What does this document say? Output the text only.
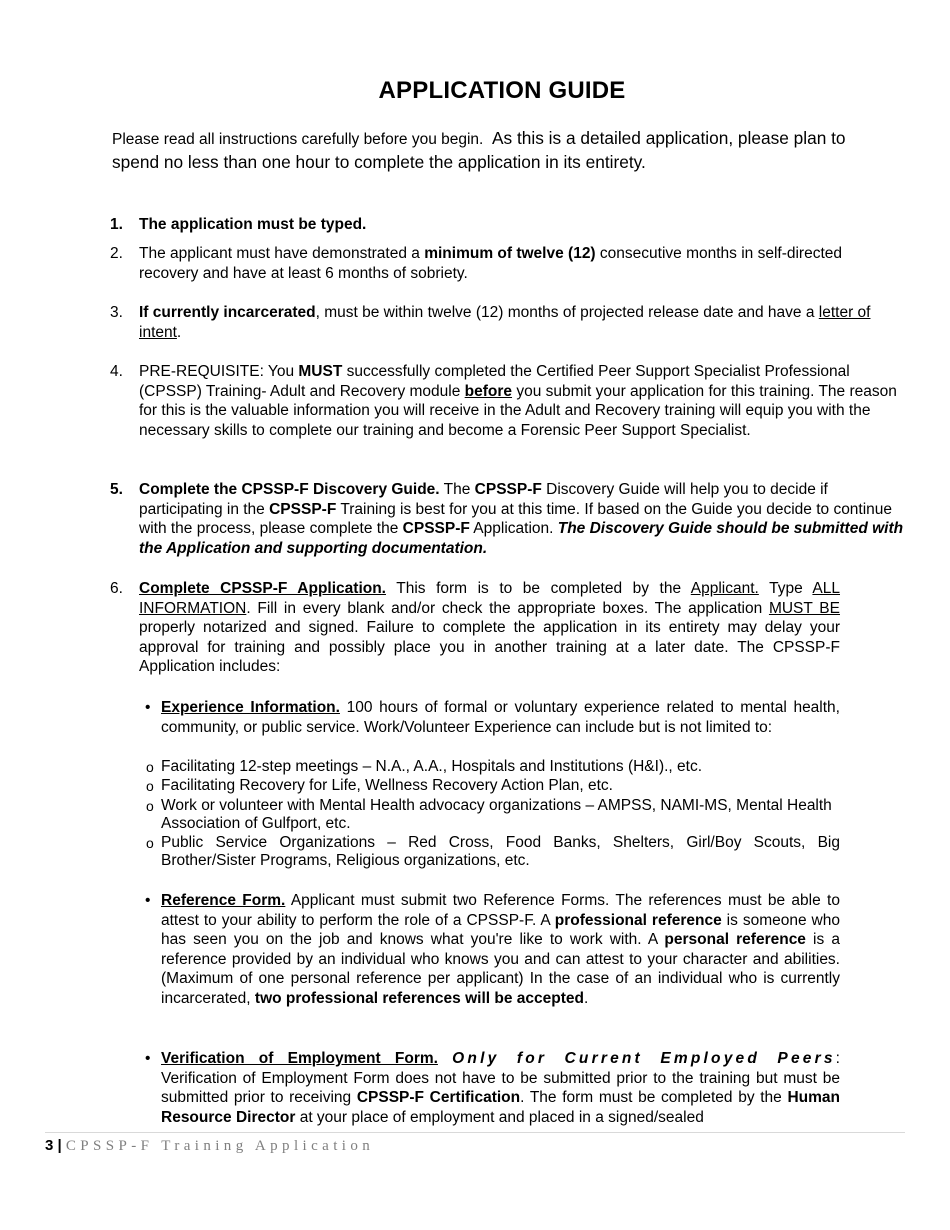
APPLICATION GUIDE
Please read all instructions carefully before you begin. As this is a detailed application, please plan to spend no less than one hour to complete the application in its entirety.
1.	The application must be typed.
2.	The applicant must have demonstrated a minimum of twelve (12) consecutive months in self-directed recovery and have at least 6 months of sobriety.
3.	If currently incarcerated, must be within twelve (12) months of projected release date and have a letter of intent.
4.	PRE-REQUISITE: You MUST successfully completed the Certified Peer Support Specialist Professional (CPSSP) Training- Adult and Recovery module before you submit your application for this training. The reason for this is the valuable information you will receive in the Adult and Recovery training will equip you with the necessary skills to complete our training and become a Forensic Peer Support Specialist.
5.	Complete the CPSSP-F Discovery Guide. The CPSSP-F Discovery Guide will help you to decide if participating in the CPSSP-F Training is best for you at this time. If based on the Guide you decide to continue with the process, please complete the CPSSP-F Application. The Discovery Guide should be submitted with the Application and supporting documentation.
6.	Complete CPSSP-F Application. This form is to be completed by the Applicant. Type ALL INFORMATION. Fill in every blank and/or check the appropriate boxes. The application MUST BE properly notarized and signed. Failure to complete the application in its entirety may delay your approval for training and possibly place you in another training at a later date. The CPSSP-F Application includes:
• Experience Information. 100 hours of formal or voluntary experience related to mental health, community, or public service. Work/Volunteer Experience can include but is not limited to:
o Facilitating 12-step meetings – N.A., A.A., Hospitals and Institutions (H&I)., etc.
o Facilitating Recovery for Life, Wellness Recovery Action Plan, etc.
o Work or volunteer with Mental Health advocacy organizations – AMPSS, NAMI-MS, Mental Health Association of Gulfport, etc.
o Public Service Organizations – Red Cross, Food Banks, Shelters, Girl/Boy Scouts, Big Brother/Sister Programs, Religious organizations, etc.
• Reference Form. Applicant must submit two Reference Forms. The references must be able to attest to your ability to perform the role of a CPSSP-F. A professional reference is someone who has seen you on the job and knows what you're like to work with. A personal reference is a reference provided by an individual who knows you and can attest to your character and abilities. (Maximum of one personal reference per applicant) In the case of an individual who is currently incarcerated, two professional references will be accepted.
• Verification of Employment Form. Only for Current Employed Peers: Verification of Employment Form does not have to be submitted prior to the training but must be submitted prior to receiving CPSSP-F Certification. The form must be completed by the Human Resource Director at your place of employment and placed in a signed/sealed
3 | CPSSP-F Training Application
